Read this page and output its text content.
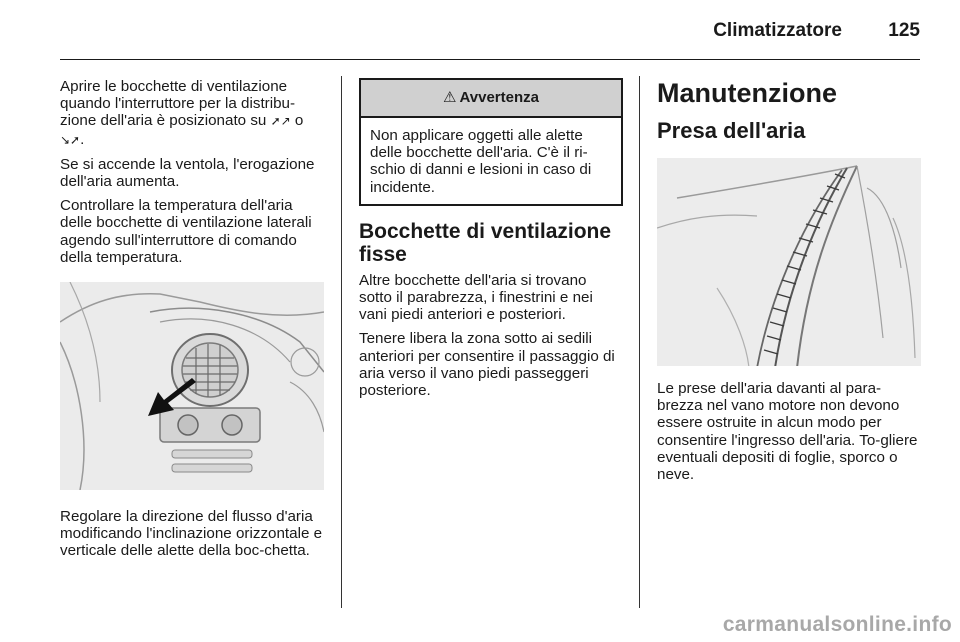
Climatizzatore 125

Aprire le bocchette di ventilazione quando l'interruttore per la distribu-zione dell'aria è posizionato su ➚↗ o
↘➚.

Se si accende la ventola, l'erogazione dell'aria aumenta.

Controllare la temperatura dell'aria delle bocchette di ventilazione laterali agendo sull'interruttore di comando della temperatura.

Regolare la direzione del flusso d'aria modificando l'inclinazione orizzontale e verticale delle alette della boc-chetta.

⚠ Avvertenza
Non applicare oggetti alle alette delle bocchette dell'aria. C'è il ri-schio di danni e lesioni in caso di incidente.
Bocchette di ventilazione fisse

Altre bocchette dell'aria si trovano sotto il parabrezza, i finestrini e nei vani piedi anteriori e posteriori.

Tenere libera la zona sotto ai sedili anteriori per consentire il passaggio di aria verso il vano piedi passeggeri posteriore.

Manutenzione
Presa dell'aria

Le prese dell'aria davanti al para-brezza nel vano motore non devono essere ostruite in alcun modo per consentire l'ingresso dell'aria. To-gliere eventuali depositi di foglie, sporco o neve.

carmanualsonline.info
